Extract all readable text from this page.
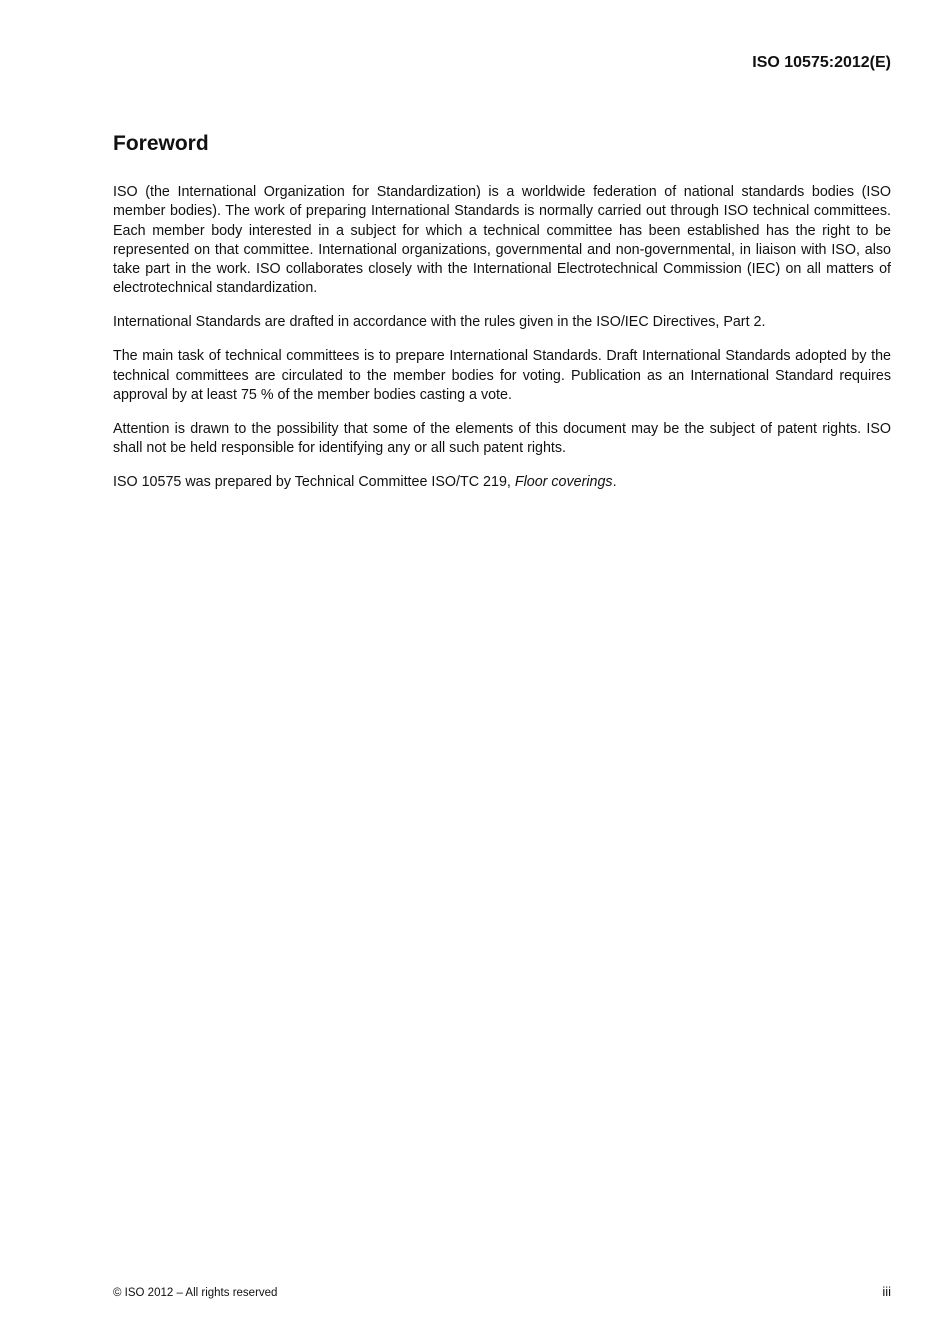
ISO 10575:2012(E)
Foreword

ISO (the International Organization for Standardization) is a worldwide federation of national standards bodies (ISO member bodies). The work of preparing International Standards is normally carried out through ISO technical committees. Each member body interested in a subject for which a technical committee has been established has the right to be represented on that committee. International organizations, governmental and non-governmental, in liaison with ISO, also take part in the work. ISO collaborates closely with the International Electrotechnical Commission (IEC) on all matters of electrotechnical standardization.

International Standards are drafted in accordance with the rules given in the ISO/IEC Directives, Part 2.

The main task of technical committees is to prepare International Standards. Draft International Standards adopted by the technical committees are circulated to the member bodies for voting. Publication as an International Standard requires approval by at least 75 % of the member bodies casting a vote.

Attention is drawn to the possibility that some of the elements of this document may be the subject of patent rights. ISO shall not be held responsible for identifying any or all such patent rights.

ISO 10575 was prepared by Technical Committee ISO/TC 219, Floor coverings.

© ISO 2012 – All rights reserved	iii
